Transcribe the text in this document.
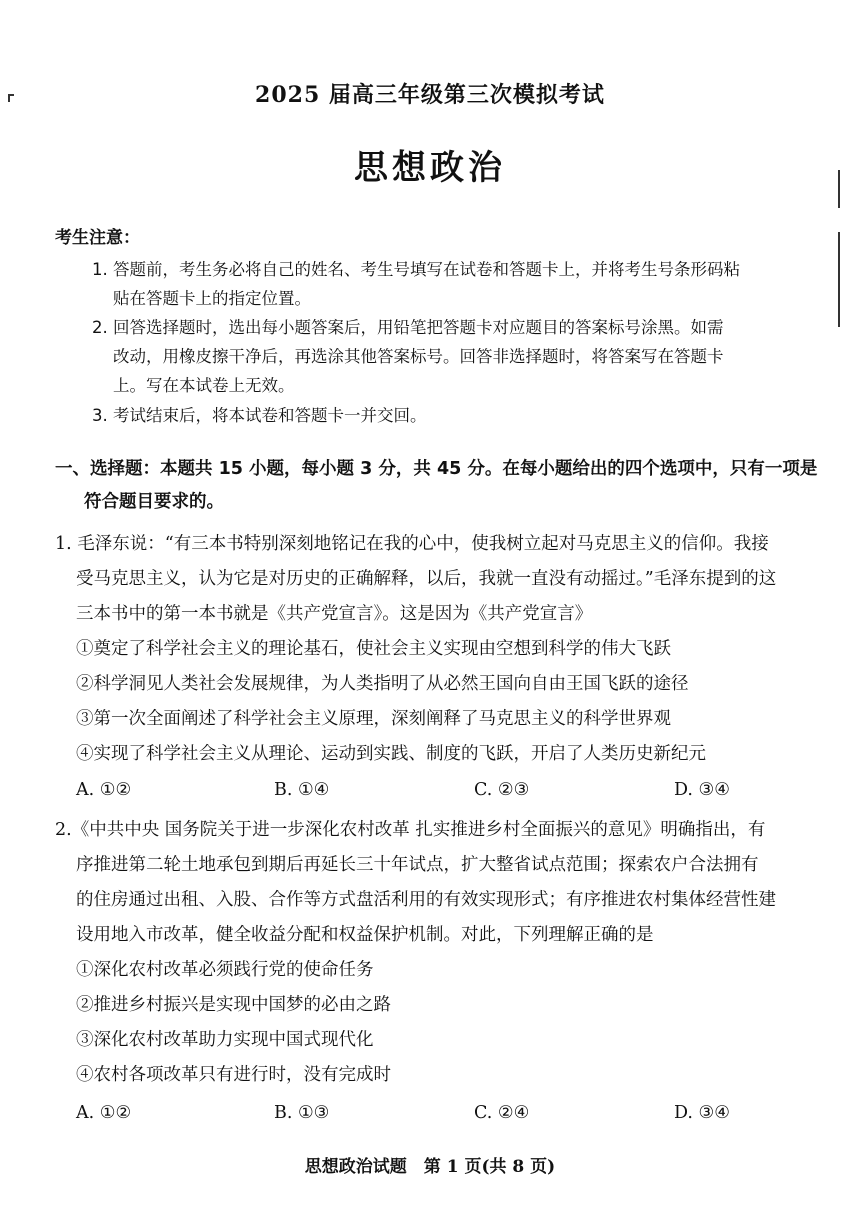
2025 届高三年级第三次模拟考试
思想政治
考生注意：
1. 答题前，考生务必将自己的姓名、考生号填写在试卷和答题卡上，并将考生号条形码粘
贴在答题卡上的指定位置。
2. 回答选择题时，选出每小题答案后，用铅笔把答题卡对应题目的答案标号涂黑。如需
改动，用橡皮擦干净后，再选涂其他答案标号。回答非选择题时，将答案写在答题卡
上。写在本试卷上无效。
3. 考试结束后，将本试卷和答题卡一并交回。
一、选择题：本题共 15 小题，每小题 3 分，共 45 分。在每小题给出的四个选项中，只有一项是
符合题目要求的。
1. 毛泽东说：“有三本书特别深刻地铭记在我的心中，使我树立起对马克思主义的信仰。我接
受马克思主义，认为它是对历史的正确解释，以后，我就一直没有动摇过。”毛泽东提到的这
三本书中的第一本书就是《共产党宣言》。这是因为《共产党宣言》
①奠定了科学社会主义的理论基石，使社会主义实现由空想到科学的伟大飞跃
②科学洞见人类社会发展规律，为人类指明了从必然王国向自由王国飞跃的途径
③第一次全面阐述了科学社会主义原理，深刻阐释了马克思主义的科学世界观
④实现了科学社会主义从理论、运动到实践、制度的飞跃，开启了人类历史新纪元
A. ①②	B. ①④	C. ②③	D. ③④
2.《中共中央 国务院关于进一步深化农村改革 扎实推进乡村全面振兴的意见》明确指出，有
序推进第二轮土地承包到期后再延长三十年试点，扩大整省试点范围；探索农户合法拥有
的住房通过出租、入股、合作等方式盘活利用的有效实现形式；有序推进农村集体经营性建
设用地入市改革，健全收益分配和权益保护机制。对此，下列理解正确的是
①深化农村改革必须践行党的使命任务
②推进乡村振兴是实现中国梦的必由之路
③深化农村改革助力实现中国式现代化
④农村各项改革只有进行时，没有完成时
A. ①②	B. ①③	C. ②④	D. ③④
思想政治试题　第 1 页(共 8 页)
